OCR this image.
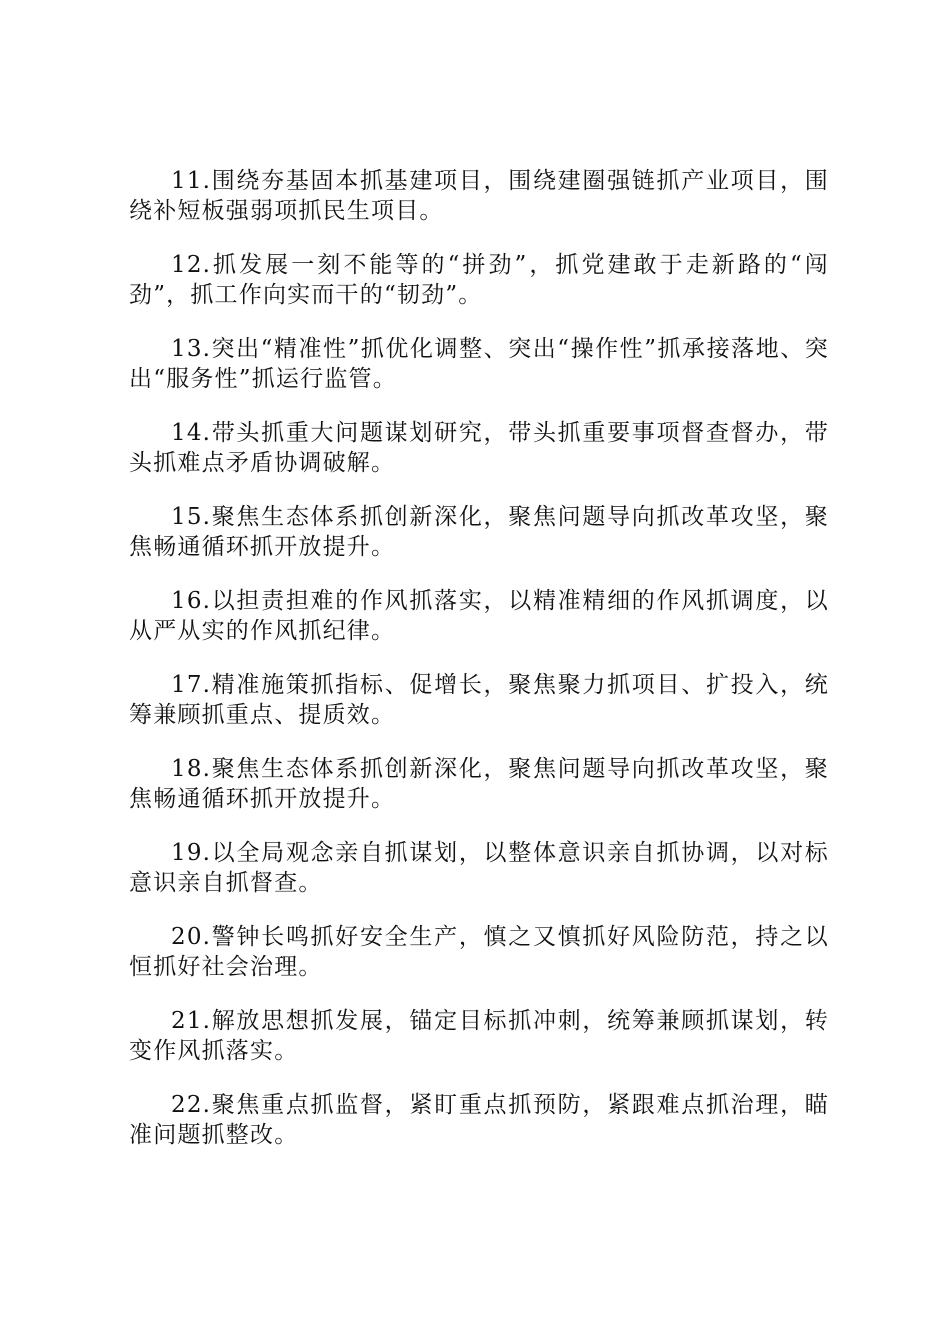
11.围绕夯基固本抓基建项目，围绕建圈强链抓产业项目，围绕补短板强弱项抓民生项目。

12.抓发展一刻不能等的“拼劲”，抓党建敢于走新路的“闯劲”，抓工作向实而干的“韧劲”。

13.突出“精准性”抓优化调整、突出“操作性”抓承接落地、突出“服务性”抓运行监管。

14.带头抓重大问题谋划研究，带头抓重要事项督查督办，带头抓难点矛盾协调破解。

15.聚焦生态体系抓创新深化，聚焦问题导向抓改革攻坚，聚焦畅通循环抓开放提升。

16.以担责担难的作风抓落实，以精准精细的作风抓调度，以从严从实的作风抓纪律。

17.精准施策抓指标、促增长，聚焦聚力抓项目、扩投入，统筹兼顾抓重点、提质效。

18.聚焦生态体系抓创新深化，聚焦问题导向抓改革攻坚，聚焦畅通循环抓开放提升。

19.以全局观念亲自抓谋划，以整体意识亲自抓协调，以对标意识亲自抓督查。

20.警钟长鸣抓好安全生产，慎之又慎抓好风险防范，持之以恒抓好社会治理。

21.解放思想抓发展，锚定目标抓冲刺，统筹兼顾抓谋划，转变作风抓落实。

22.聚焦重点抓监督，紧盯重点抓预防，紧跟难点抓治理，瞄准问题抓整改。
